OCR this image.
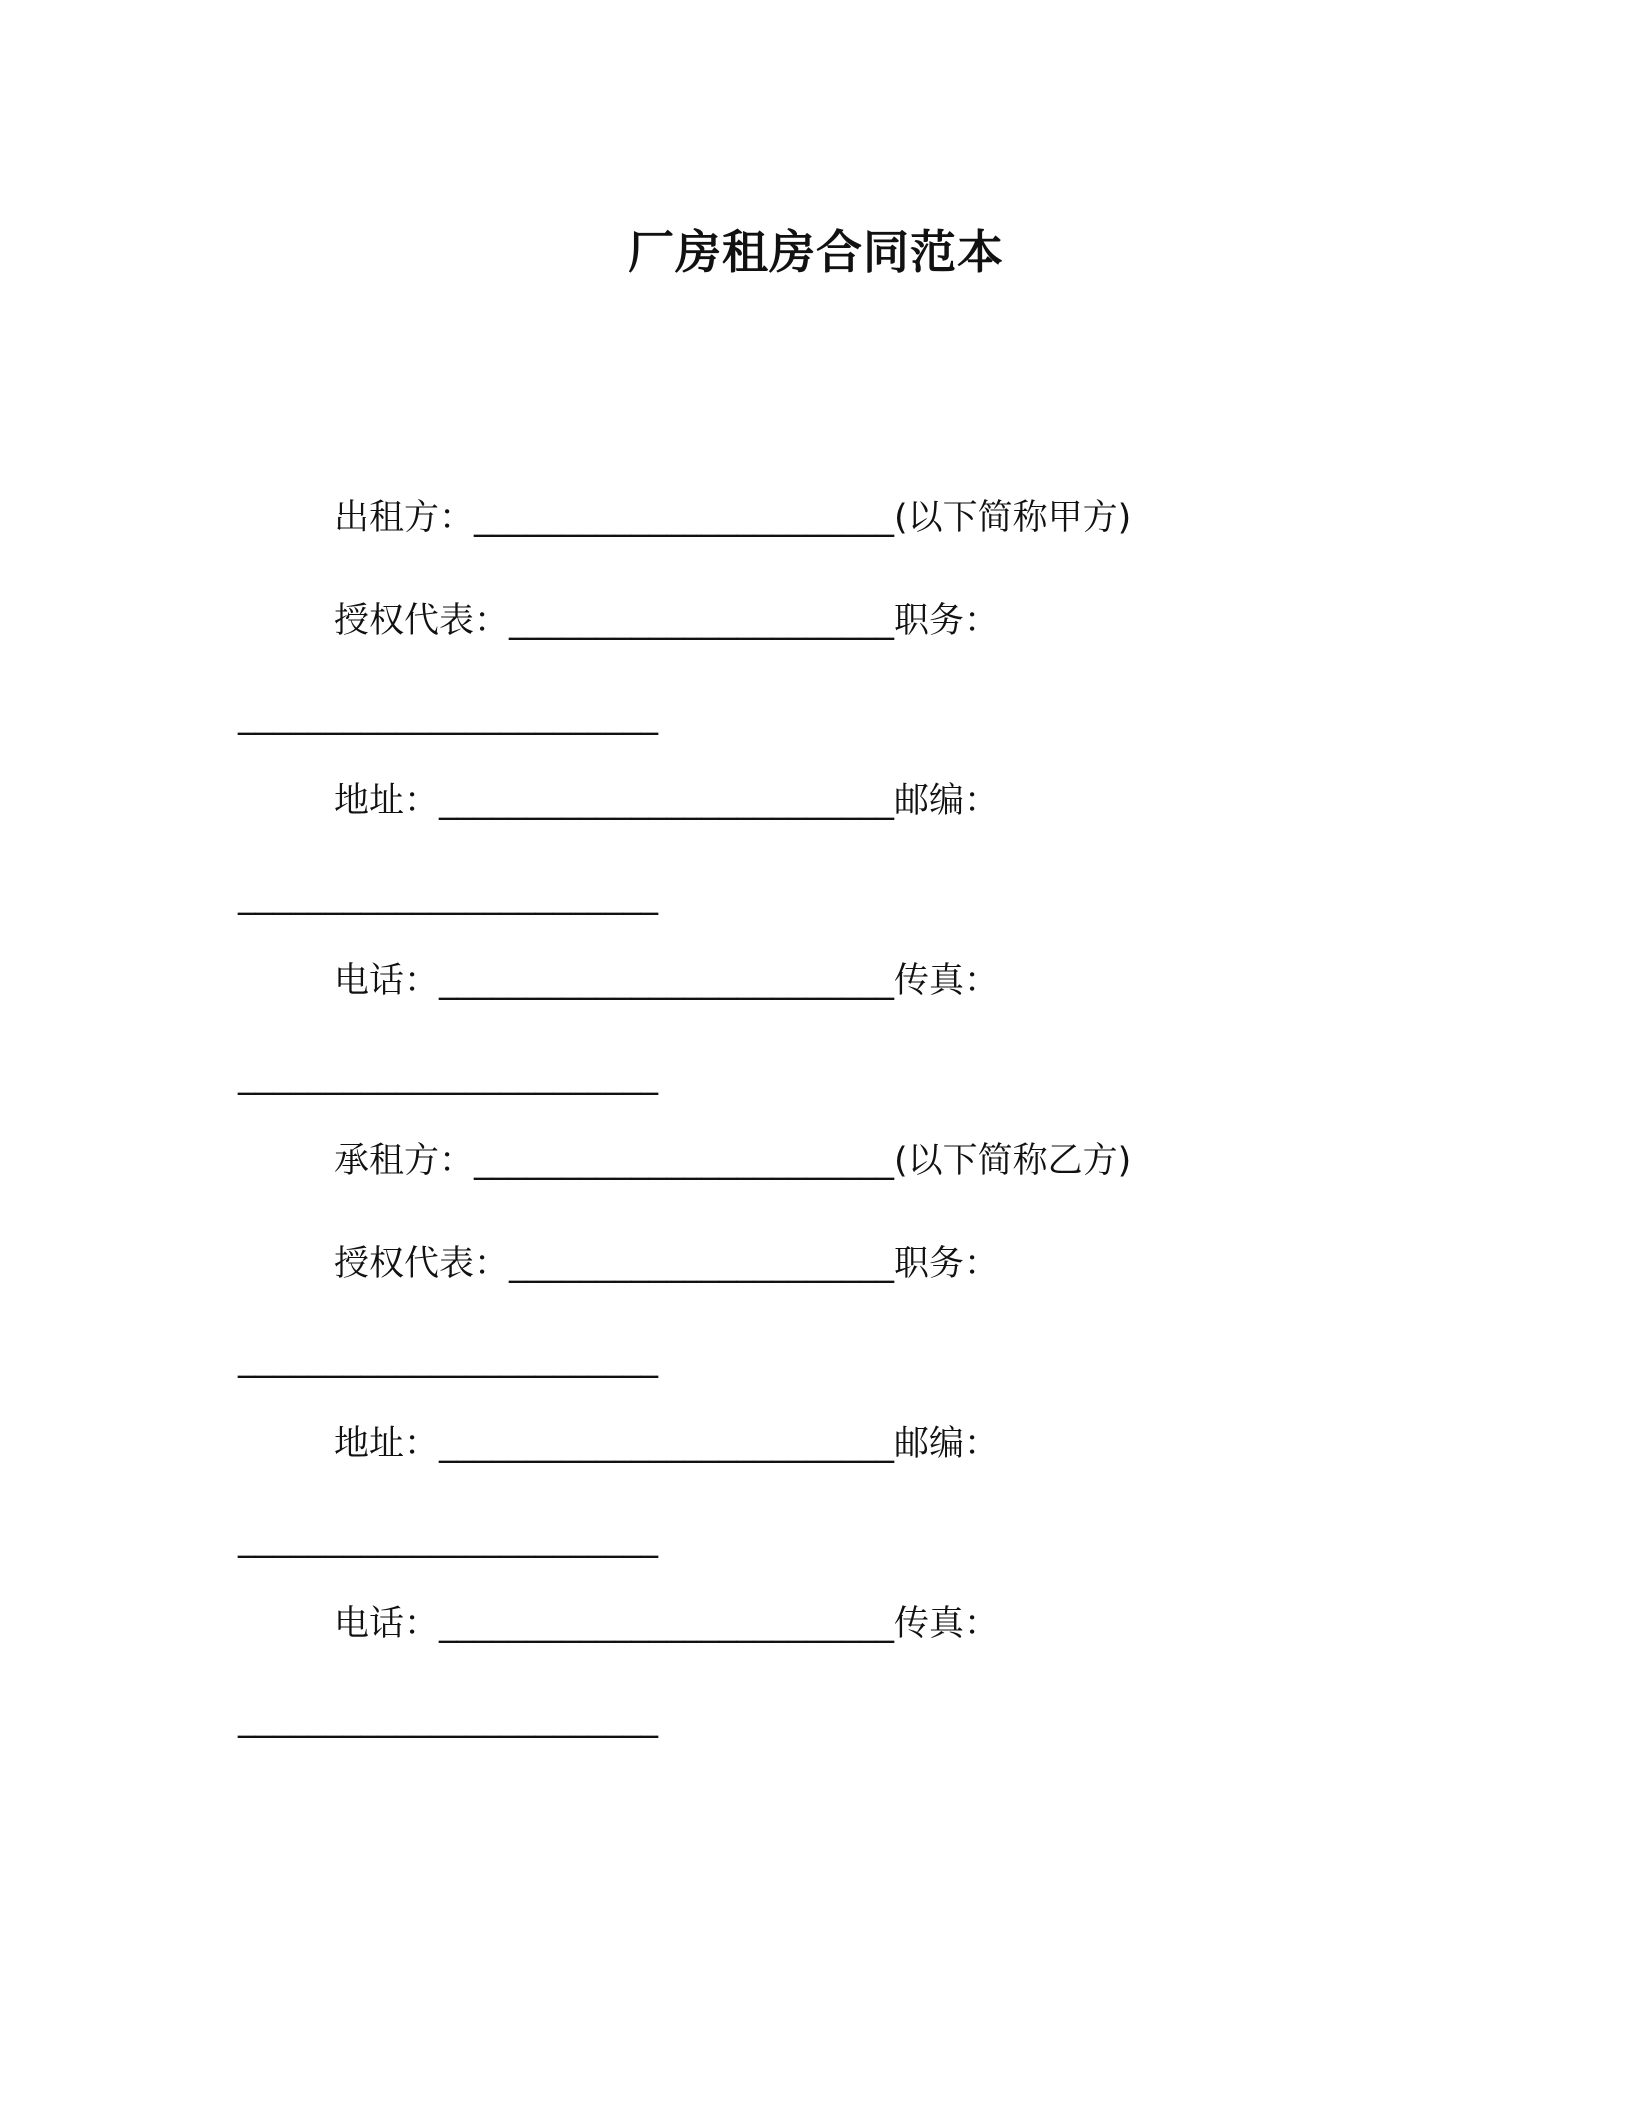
厂房租房合同范本
出租方：________________________(以下简称甲方)
授权代表：______________________职务：
________________________
地址：__________________________邮编：
________________________
电话：__________________________传真：
________________________
承租方：________________________(以下简称乙方)
授权代表：______________________职务：
________________________
地址：__________________________邮编：
________________________
电话：__________________________传真：
________________________
